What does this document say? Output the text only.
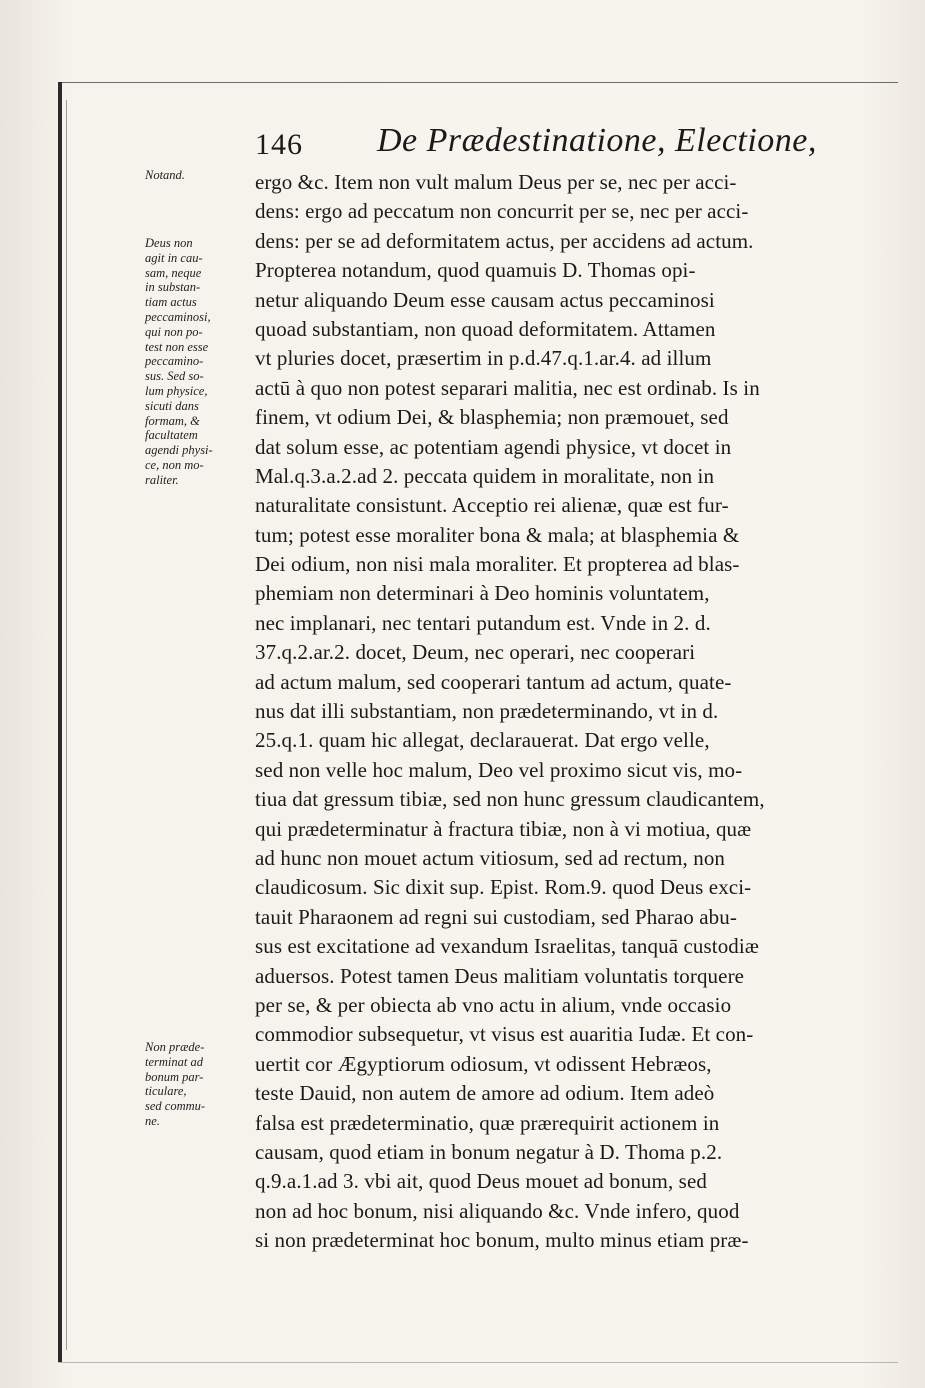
146 De Prædestinatione, Electione,
Notand.
Deus non
agit in cau-
sam, neque
in substan-
tiam actus
peccaminosi,
qui non po-
test non esse
peccamino-
sus. Sed so-
lum physice,
sicuti dans
formam, &
facultatem
agendi physi-
ce, non mo-
raliter.
Non præde-
terminat ad
bonum par-
ticulare,
sed commu-
ne.
ergo &c. Item non vult malum Deus per se, nec per acci-
dens: ergo ad peccatum non concurrit per se, nec per acci-
dens: per se ad deformitatem actus, per accidens ad actum.
Propterea notandum, quod quamuis D. Thomas opi-
netur aliquando Deum esse causam actus peccaminosi
quoad substantiam, non quoad deformitatem. Attamen
vt pluries docet, præsertim in p.d.47.q.1.ar.4. ad illum
actū à quo non potest separari malitia, nec est ordinab. Is in
finem, vt odium Dei, & blasphemia; non præmouet, sed
dat solum esse, ac potentiam agendi physice, vt docet in
Mal.q.3.a.2.ad 2. peccata quidem in moralitate, non in
naturalitate consistunt. Acceptio rei alienæ, quæ est fur-
tum; potest esse moraliter bona & mala; at blasphemia &
Dei odium, non nisi mala moraliter. Et propterea ad blas-
phemiam non determinari à Deo hominis voluntatem,
nec implanari, nec tentari putandum est. Vnde in 2. d.
37.q.2.ar.2. docet, Deum, nec operari, nec cooperari
ad actum malum, sed cooperari tantum ad actum, quate-
nus dat illi substantiam, non prædeterminando, vt in d.
25.q.1. quam hic allegat, declarauerat. Dat ergo velle,
sed non velle hoc malum, Deo vel proximo sicut vis, mo-
tiua dat gressum tibiæ, sed non hunc gressum claudicantem,
qui prædeterminatur à fractura tibiæ, non à vi motiua, quæ
ad hunc non mouet actum vitiosum, sed ad rectum, non
claudicosum. Sic dixit sup. Epist. Rom.9. quod Deus exci-
tauit Pharaonem ad regni sui custodiam, sed Pharao abu-
sus est excitatione ad vexandum Israelitas, tanquā custodiæ
aduersos. Potest tamen Deus malitiam voluntatis torquere
per se, & per obiecta ab vno actu in alium, vnde occasio
commodior subsequetur, vt visus est auaritia Iudæ. Et con-
uertit cor Ægyptiorum odiosum, vt odissent Hebræos,
teste Dauid, non autem de amore ad odium. Item adeò
falsa est prædeterminatio, quæ prærequirit actionem in
causam, quod etiam in bonum negatur à D. Thoma p.2.
q.9.a.1.ad 3. vbi ait, quod Deus mouet ad bonum, sed
non ad hoc bonum, nisi aliquando &c. Vnde infero, quod
si non prædeterminat hoc bonum, multo minus etiam præ-
